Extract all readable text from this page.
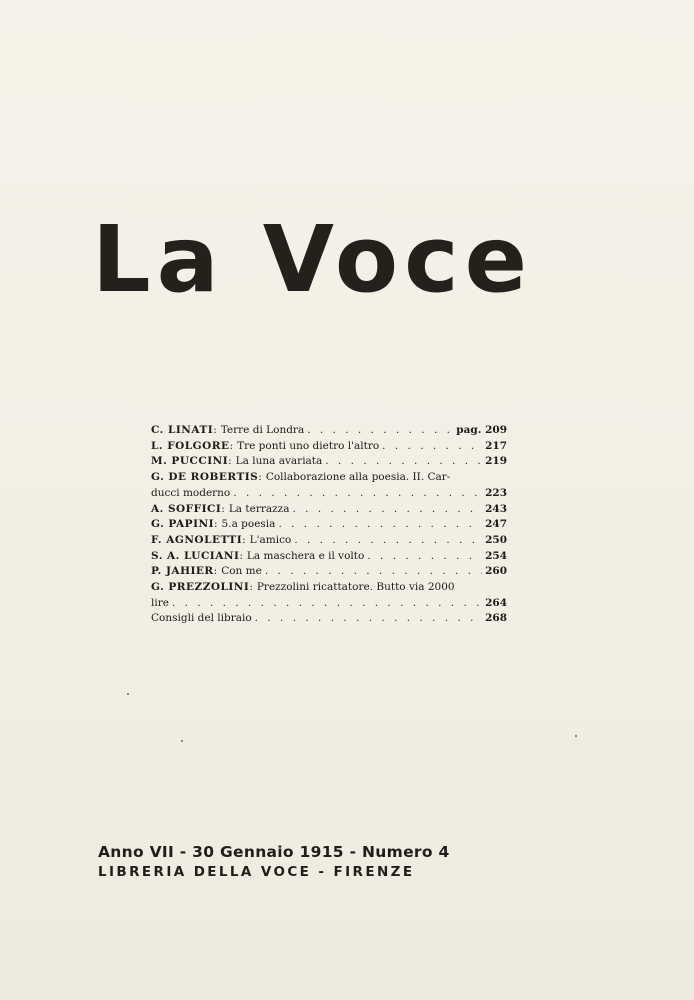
La Voce
C. LINATI : Terre di Londra . . .	pag. 209
L. FOLGORE : Tre ponti uno dietro l'altro . . .	217
M. PUCCINI : La luna avariata . . .	219
G. DE ROBERTIS : Collaborazione alla poesia. II. Car-
ducci moderno . . .	223
A. SOFFICI : La terrazza . . .	243
G. PAPINI : 5.a poesia . . .	247
F. AGNOLETTI : L'amico . . .	250
S. A. LUCIANI : La maschera e il volto . . .	254
P. JAHIER : Con me . . .	260
G. PREZZOLINI : Prezzolini ricattatore. Butto via 2000
lire . . .	264
Consigli del libraio . . .	268
Anno VII - 30 Gennaio 1915 - Numero 4
LIBRERIA DELLA VOCE - FIRENZE
